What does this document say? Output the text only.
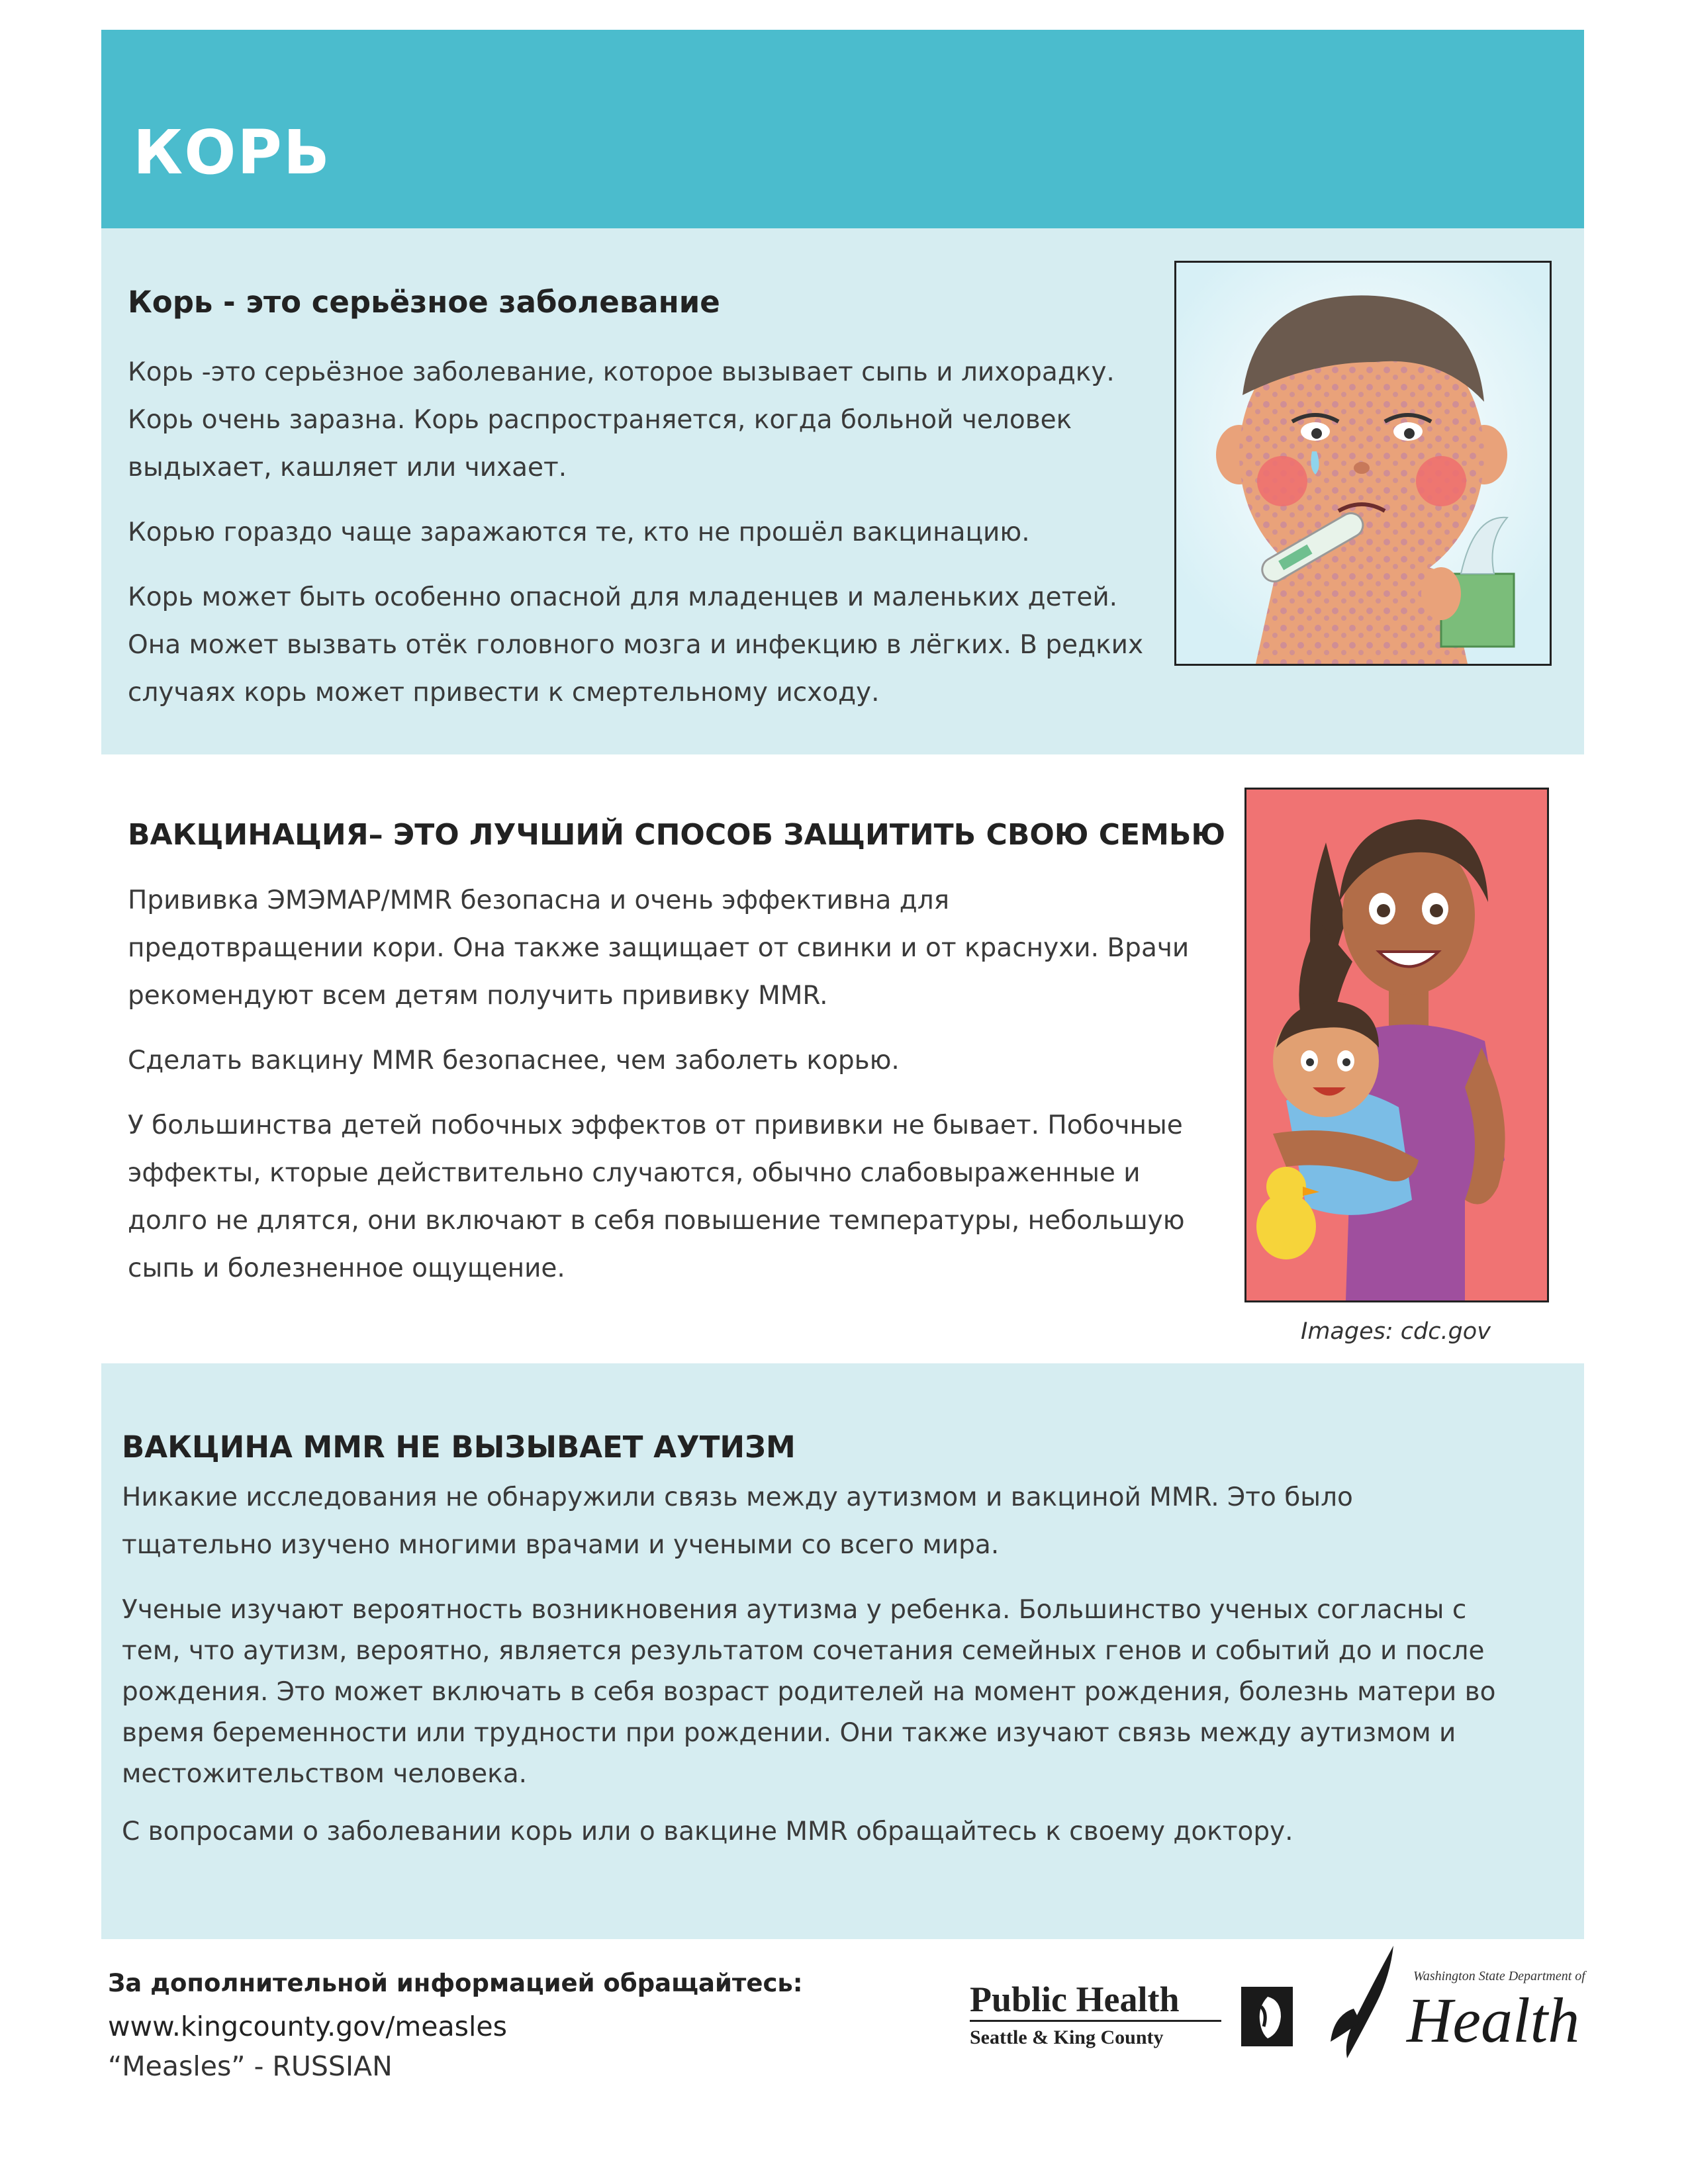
КОРЬ
Корь - это серьёзное заболевание
Корь -это серьёзное заболевание, которое вызывает сыпь и лихорадку.
Корь очень заразна. Корь распространяется, когда больной человек
выдыхает, кашляет или чихает.
Корью гораздо чаще заражаются те, кто не прошёл вакцинацию.
Корь может быть особенно опасной для младенцев и маленьких детей.
Она может вызвать отёк головного мозга и инфекцию в лёгких. В редких
случаях корь может привести к смертельному исходу.
ВАКЦИНАЦИЯ– ЭТО ЛУЧШИЙ СПОСОБ ЗАЩИТИТЬ СВОЮ СЕМЬЮ
Прививка ЭМЭМАР/MMR безопасна и очень эффективна для
предотвращении кори. Она также защищает от свинки и от краснухи. Врачи
рекомендуют всем детям получить прививку MMR.
Сделать вакцину MMR безопаснее, чем заболеть корью.
У большинства детей побочных эффектов от прививки не бывает. Побочные
эффекты, кторые действительно случаются, обычно слабовыраженные и
долго не длятся, они включают в себя повышение температуры, небольшую
сыпь и болезненное ощущение.
Images: cdc.gov
ВАКЦИНА MMR НЕ ВЫЗЫВАЕТ АУТИЗМ
Никакие исследования не обнаружили связь между аутизмом и вакциной MMR. Это было
тщательно изучено многими врачами и учеными со всего мира.
Ученые изучают вероятность возникновения аутизма у ребенка. Большинство ученых согласны с
тем, что аутизм, вероятно, является результатом сочетания семейных генов и событий до и после
рождения. Это может включать в себя возраст родителей на момент рождения, болезнь матери во
время беременности или трудности при рождении. Они также изучают связь между аутизмом и
местожительством человека.
С вопросами о заболевании корь или о вакцине MMR обращайтесь к своему доктору.
За дополнительной информацией обращайтесь:
www.kingcounty.gov/measles
“Measles” - RUSSIAN
Public Health
Seattle & King County
Washington State Department of
Health
